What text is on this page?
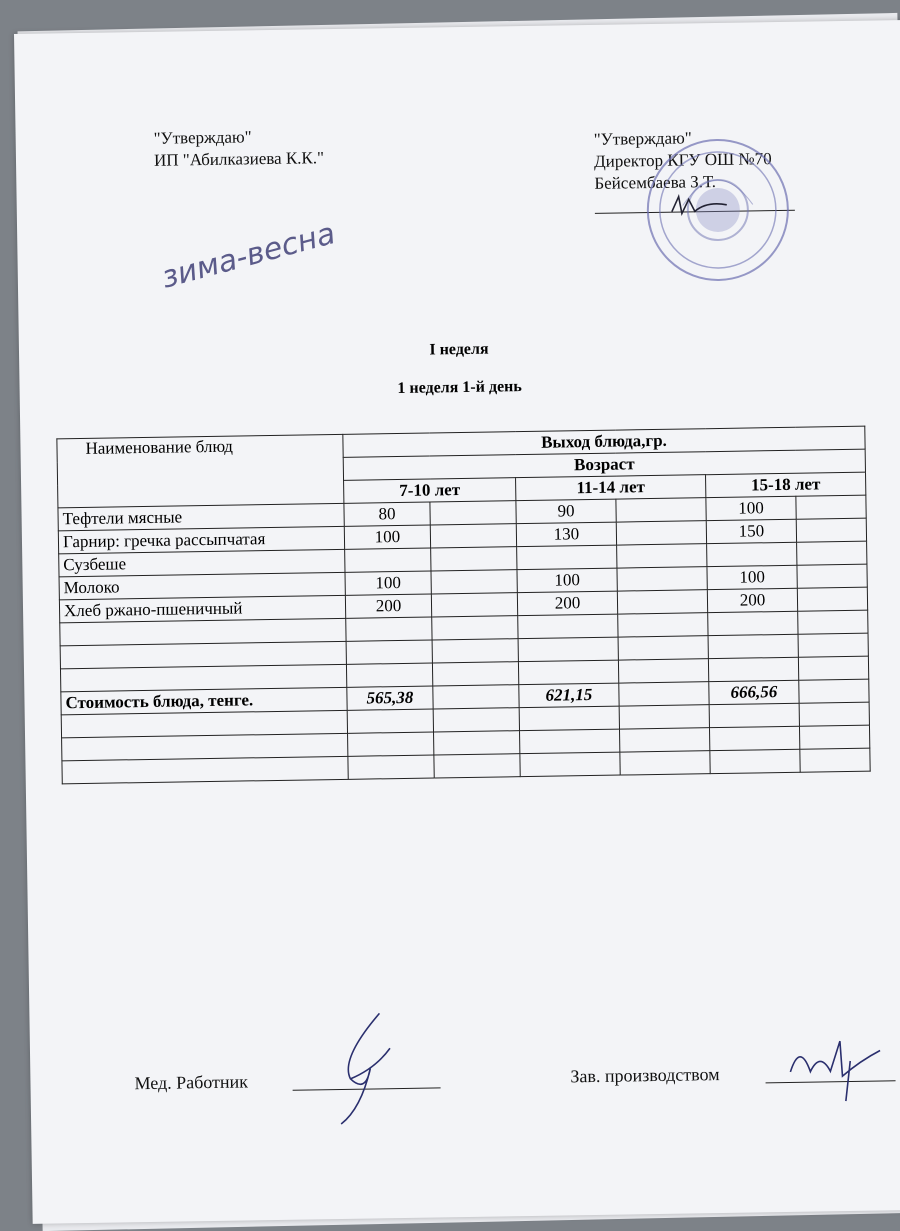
"Утверждаю"
ИП "Абилказиева К.К."
"Утверждаю"
Директор КГУ ОШ №70
Бейсембаева З.Т.
зима-весна
I неделя
1 неделя 1-й день
Наименование блюд	Выход блюда,гр.					
	Возраст					
	7-10 лет		11-14 лет		15-18 лет	
Тефтели мясные	80		90		100	
Гарнир: гречка рассыпчатая	100		130		150	
Сузбеше						
Молоко	100		100		100	
Хлеб ржано-пшеничный	200		200		200	

Стоимость блюда, тенге.	565,38		621,15		666,56	

Мед. Работник	Зав. производством
